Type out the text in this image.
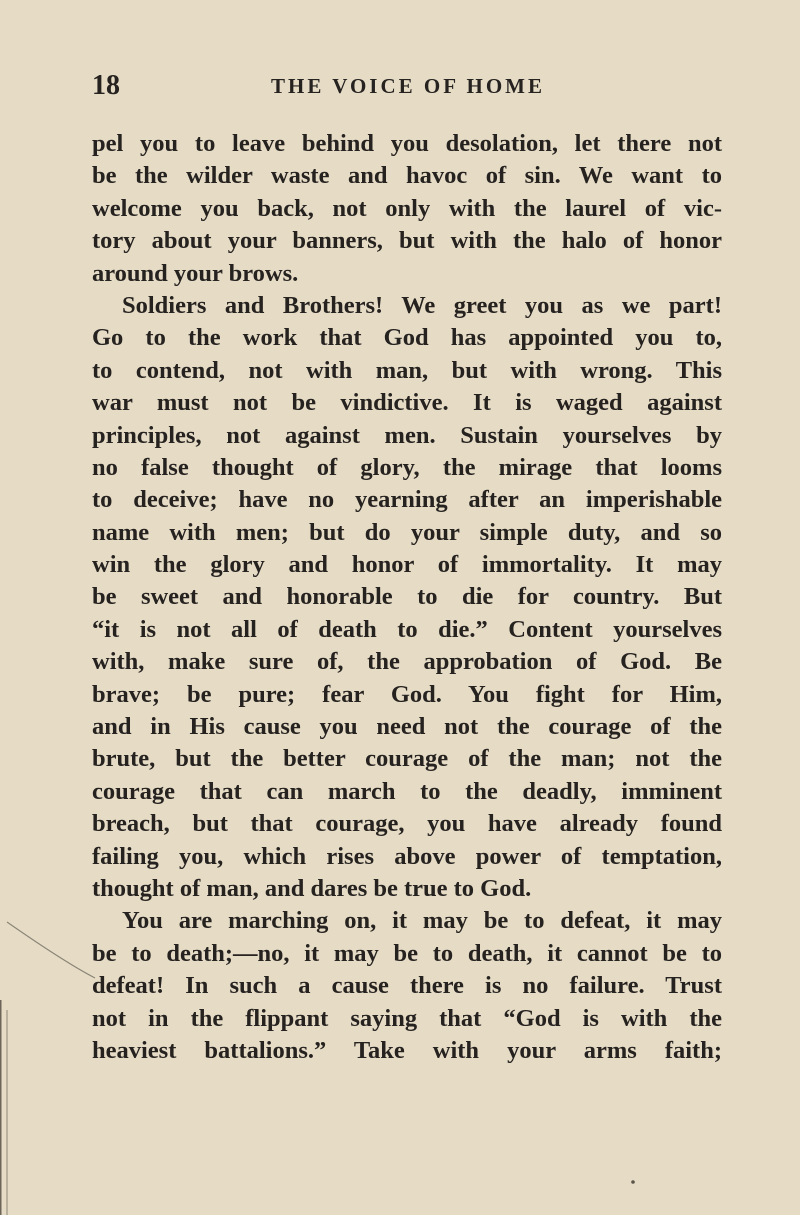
18	THE VOICE OF HOME
pel you to leave behind you desolation, let there not
be the wilder waste and havoc of sin. We want to
welcome you back, not only with the laurel of vic-
tory about your banners, but with the halo of honor
around your brows.
Soldiers and Brothers! We greet you as we part!
Go to the work that God has appointed you to,
to contend, not with man, but with wrong. This
war must not be vindictive. It is waged against
principles, not against men. Sustain yourselves by
no false thought of glory, the mirage that looms
to deceive; have no yearning after an imperishable
name with men; but do your simple duty, and so
win the glory and honor of immortality. It may
be sweet and honorable to die for country. But
“it is not all of death to die.” Content yourselves
with, make sure of, the approbation of God. Be
brave; be pure; fear God. You fight for Him,
and in His cause you need not the courage of the
brute, but the better courage of the man; not the
courage that can march to the deadly, imminent
breach, but that courage, you have already found
failing you, which rises above power of temptation,
thought of man, and dares be true to God.
You are marching on, it may be to defeat, it may
be to death;—no, it may be to death, it cannot be to
defeat! In such a cause there is no failure. Trust
not in the flippant saying that “God is with the
heaviest battalions.” Take with your arms faith;
